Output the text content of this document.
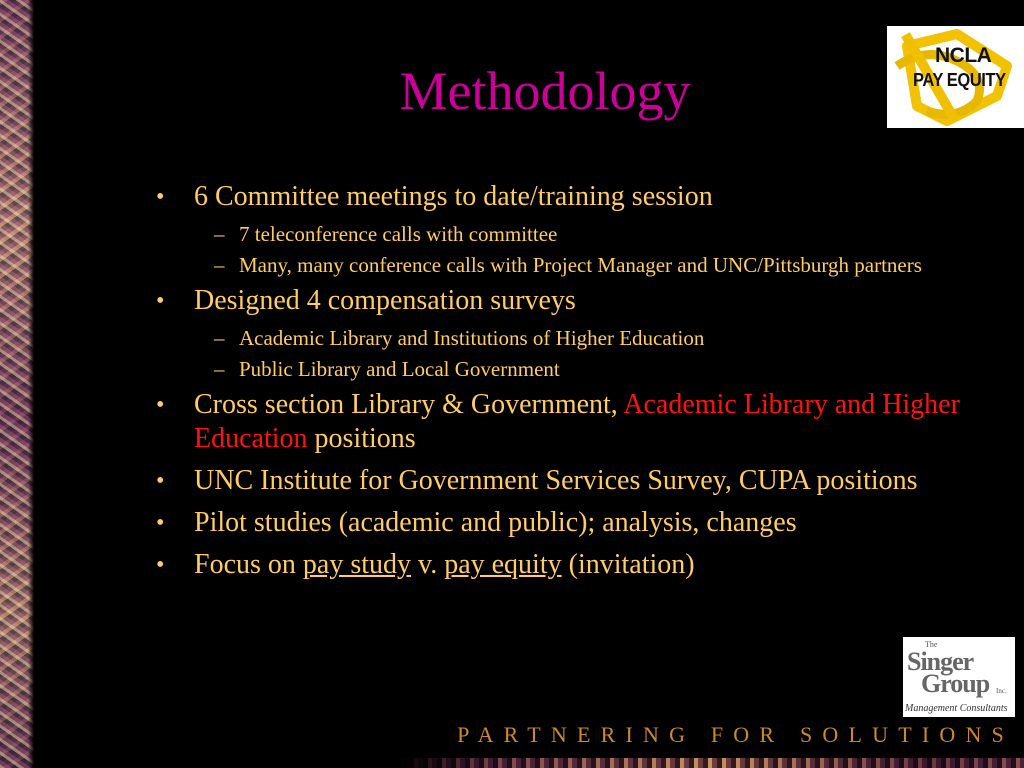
Methodology
NCLA
PAY EQUITY
• 6 Committee meetings to date/training session
– 7 teleconference calls with committee
– Many, many conference calls with Project Manager and UNC/Pittsburgh partners
• Designed 4 compensation surveys
– Academic Library and Institutions of Higher Education
– Public Library and Local Government
• Cross section Library & Government, Academic Library and Higher Education positions
• UNC Institute for Government Services Survey, CUPA positions
• Pilot studies (academic and public); analysis, changes
• Focus on pay study v. pay equity (invitation)
The
Singer
Group Inc.
Management Consultants
PARTNERING FOR SOLUTIONS
